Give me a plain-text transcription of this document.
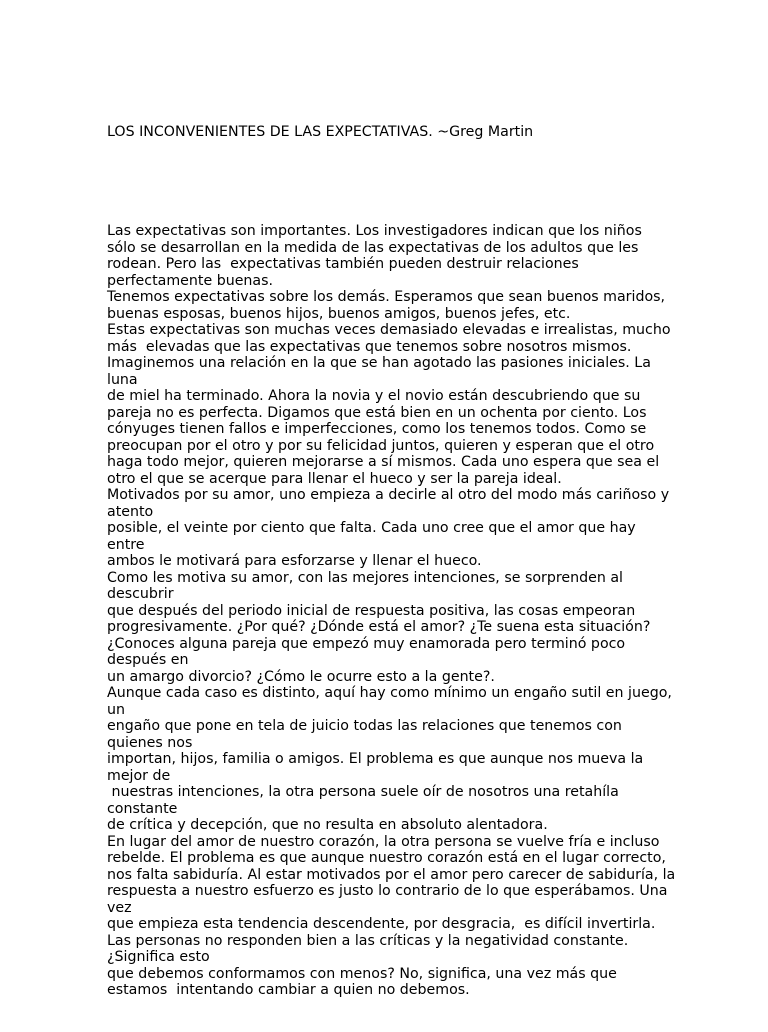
LOS INCONVENIENTES DE LAS EXPECTATIVAS. ~Greg Martin

Las expectativas son importantes. Los investigadores indican que los niños
sólo se desarrollan en la medida de las expectativas de los adultos que les
rodean. Pero las  expectativas también pueden destruir relaciones
perfectamente buenas.
Tenemos expectativas sobre los demás. Esperamos que sean buenos maridos,
buenas esposas, buenos hijos, buenos amigos, buenos jefes, etc.
Estas expectativas son muchas veces demasiado elevadas e irrealistas, mucho
más  elevadas que las expectativas que tenemos sobre nosotros mismos.
Imaginemos una relación en la que se han agotado las pasiones iniciales. La
luna
de miel ha terminado. Ahora la novia y el novio están descubriendo que su
pareja no es perfecta. Digamos que está bien en un ochenta por ciento. Los
cónyuges tienen fallos e imperfecciones, como los tenemos todos. Como se
preocupan por el otro y por su felicidad juntos, quieren y esperan que el otro
haga todo mejor, quieren mejorarse a sí mismos. Cada uno espera que sea el
otro el que se acerque para llenar el hueco y ser la pareja ideal.
Motivados por su amor, uno empieza a decirle al otro del modo más cariñoso y
atento
posible, el veinte por ciento que falta. Cada uno cree que el amor que hay
entre
ambos le motivará para esforzarse y llenar el hueco.
Como les motiva su amor, con las mejores intenciones, se sorprenden al
descubrir
que después del periodo inicial de respuesta positiva, las cosas empeoran
progresivamente. ¿Por qué? ¿Dónde está el amor? ¿Te suena esta situación?
¿Conoces alguna pareja que empezó muy enamorada pero terminó poco
después en
un amargo divorcio? ¿Cómo le ocurre esto a la gente?.
Aunque cada caso es distinto, aquí hay como mínimo un engaño sutil en juego,
un
engaño que pone en tela de juicio todas las relaciones que tenemos con
quienes nos
importan, hijos, familia o amigos. El problema es que aunque nos mueva la
mejor de
nuestras intenciones, la otra persona suele oír de nosotros una retahíla
constante
de crítica y decepción, que no resulta en absoluto alentadora.
En lugar del amor de nuestro corazón, la otra persona se vuelve fría e incluso
rebelde. El problema es que aunque nuestro corazón está en el lugar correcto,
nos falta sabiduría. Al estar motivados por el amor pero carecer de sabiduría, la
respuesta a nuestro esfuerzo es justo lo contrario de lo que esperábamos. Una
vez
que empieza esta tendencia descendente, por desgracia,  es difícil invertirla.
Las personas no responden bien a las críticas y la negatividad constante.
¿Significa esto
que debemos conformamos con menos? No, significa, una vez más que
estamos  intentando cambiar a quien no debemos.
